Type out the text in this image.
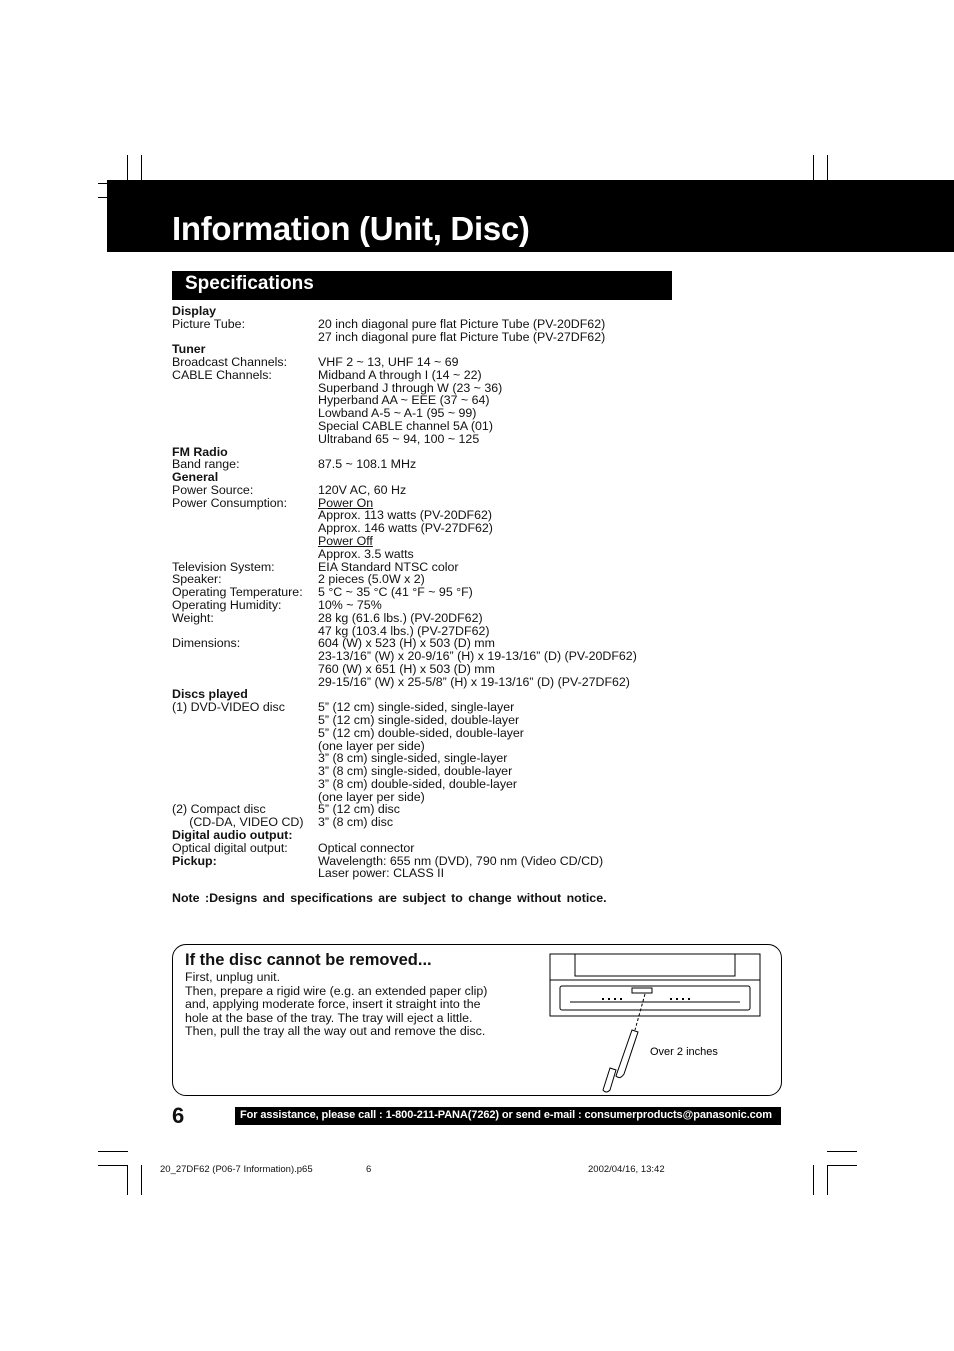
Information (Unit, Disc)
Specifications
Display
Picture Tube:	20 inch diagonal pure flat Picture Tube (PV-20DF62)
27 inch diagonal pure flat Picture Tube (PV-27DF62)
Tuner
Broadcast Channels: VHF 2 ~ 13, UHF 14 ~ 69
CABLE Channels:	Midband A through I (14 ~ 22)
Superband J through W (23 ~ 36)
Hyperband AA ~ EEE (37 ~ 64)
Lowband A-5 ~ A-1 (95 ~ 99)
Special CABLE channel 5A (01)
Ultraband 65 ~ 94, 100 ~ 125
FM Radio
Band range:	87.5 ~ 108.1 MHz
General
Power Source:	120V AC, 60 Hz
Power Consumption: Power On
Approx. 113 watts (PV-20DF62)
Approx. 146 watts (PV-27DF62)
Power Off
Approx. 3.5 watts
Television System:	EIA Standard NTSC color
Speaker:	2 pieces (5.0W x 2)
Operating Temperature: 5 °C ~ 35 °C (41 °F ~ 95 °F)
Operating Humidity:	10% ~ 75%
Weight:	28 kg (61.6 lbs.) (PV-20DF62)
47 kg (103.4 lbs.) (PV-27DF62)
Dimensions:	604 (W) x 523 (H) x 503 (D) mm
23-13/16” (W) x 20-9/16” (H) x 19-13/16” (D) (PV-20DF62)
760 (W) x 651 (H) x 503 (D) mm
29-15/16” (W) x 25-5/8” (H) x 19-13/16” (D) (PV-27DF62)
Discs played
(1) DVD-VIDEO disc	5” (12 cm) single-sided, single-layer
5” (12 cm) single-sided, double-layer
5” (12 cm) double-sided, double-layer
(one layer per side)
3” (8 cm) single-sided, single-layer
3” (8 cm) single-sided, double-layer
3” (8 cm) double-sided, double-layer
(one layer per side)
(2) Compact disc	5” (12 cm) disc
(CD-DA, VIDEO CD) 3” (8 cm) disc
Digital audio output:
Optical digital output: Optical connector
Pickup:	Wavelength: 655 nm (DVD), 790 nm (Video CD/CD)
Laser power: CLASS II
Note :Designs and specifications are subject to change without notice.
If the disc cannot be removed...
First, unplug unit.
Then, prepare a rigid wire (e.g. an extended paper clip)
and, applying moderate force, insert it straight into the
hole at the base of the tray. The tray will eject a little.
Then, pull the tray all the way out and remove the disc.
Over 2 inches
6	For assistance, please call : 1-800-211-PANA(7262) or send e-mail : consumerproducts@panasonic.com
20_27DF62 (P06-7 Information).p65	6	2002/04/16, 13:42
